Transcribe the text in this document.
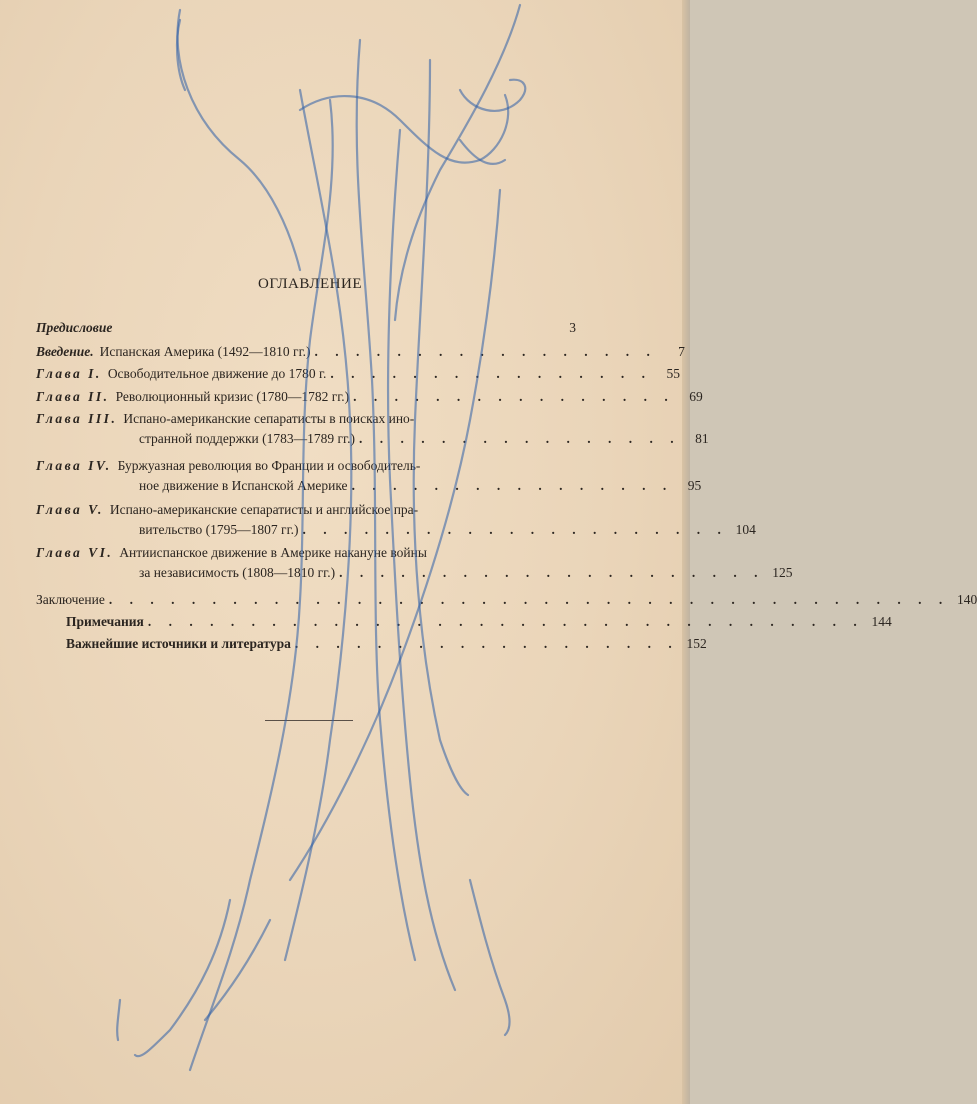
ОГЛАВЛЕНИЕ
Предисловие	3
Введение. Испанская Америка (1492—1810 гг.) . . . . . . . . . . . . . . . . .	7
Глава I. Освободительное движение до 1780 г. . . . . . . . . . . . . . . . .	55
Глава II. Революционный кризис (1780—1782 гг.) . . . . . . . . . . . . . . . .	69
Глава III. Испано-американские сепаратисты в поисках ино-
странной поддержки (1783—1789 гг.) . . . . . . . . . . . . . . . .	81
Глава IV. Буржуазная революция во Франции и освободитель-
ное движение в Испанской Америке . . . . . . . . . . . . . . . .	95
Глава V. Испано-американские сепаратисты и английское пра-
вительство (1795—1807 гг.) . . . . . . . . . . . . . . . . . . . . . 104
Глава VI. Антииспанское движение в Америке накануне войны
за независимость (1808—1810 гг.) . . . . . . . . . . . . . . . . . . . . . 125
Заключение . . . . . . . . . . . . . . . . . . . . . . . . . . . . . . . . . . . . . . . . . 140
Примечания . . . . . . . . . . . . . . . . . . . . . . . . . . . . . . . . . . . 144
Важнейшие источники и литература . . . . . . . . . . . . . . . . . . . 152
